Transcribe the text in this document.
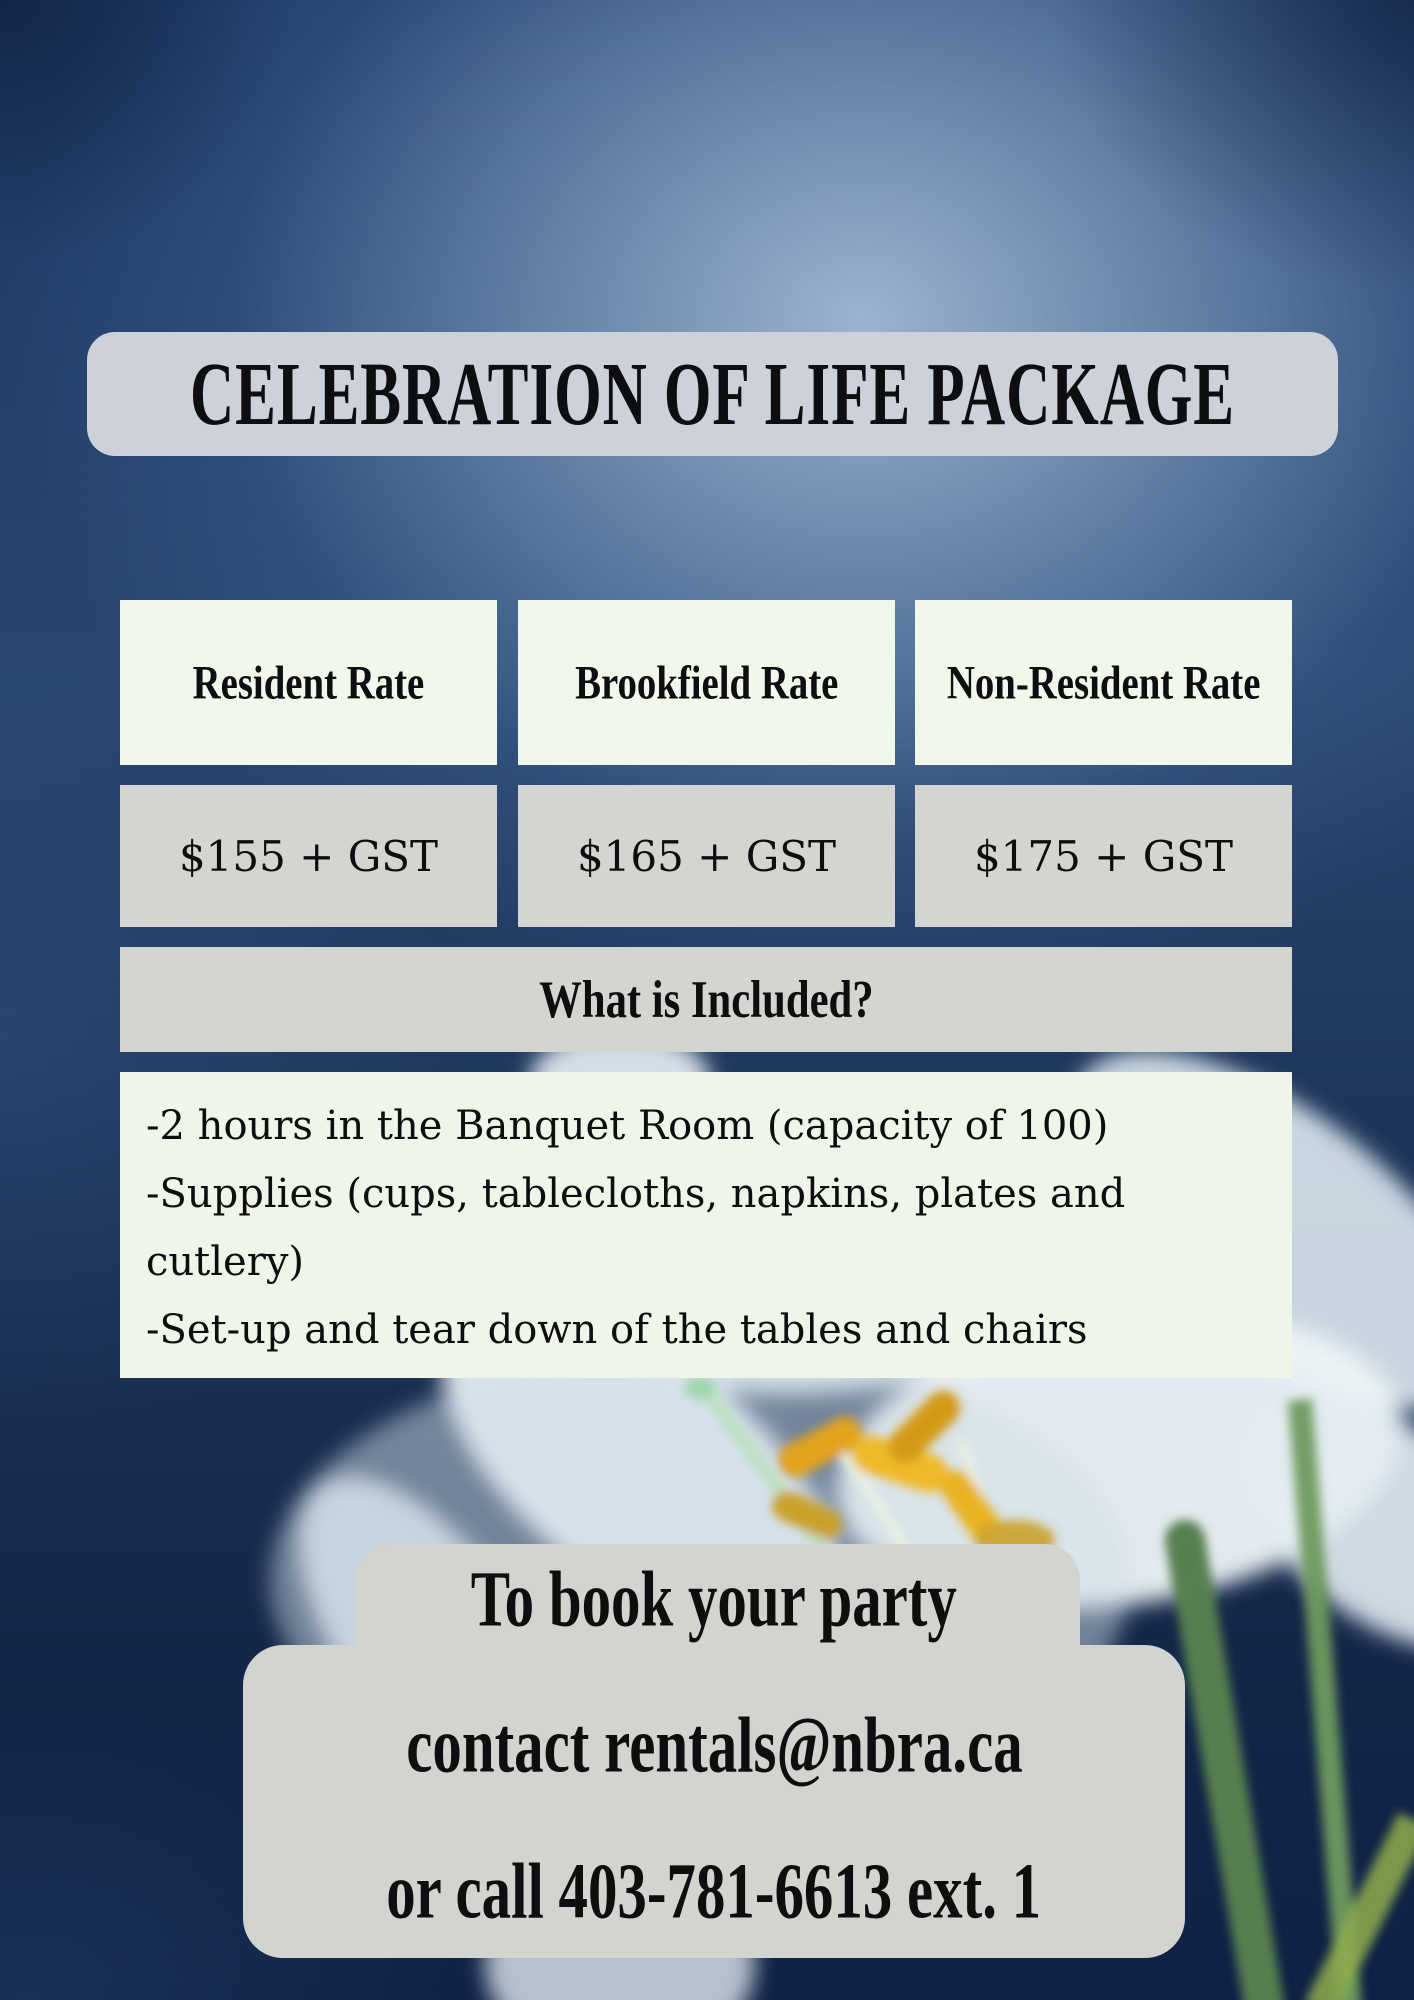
CELEBRATION OF LIFE PACKAGE
Resident Rate	Brookfield Rate	Non-Resident Rate
$155 + GST	$165 + GST	$175 + GST
What is Included?
-2 hours in the Banquet Room (capacity of 100)
-Supplies (cups, tablecloths, napkins, plates and cutlery)
-Set-up and tear down of the tables and chairs
To book your party
contact rentals@nbra.ca
or call 403-781-6613 ext. 1
